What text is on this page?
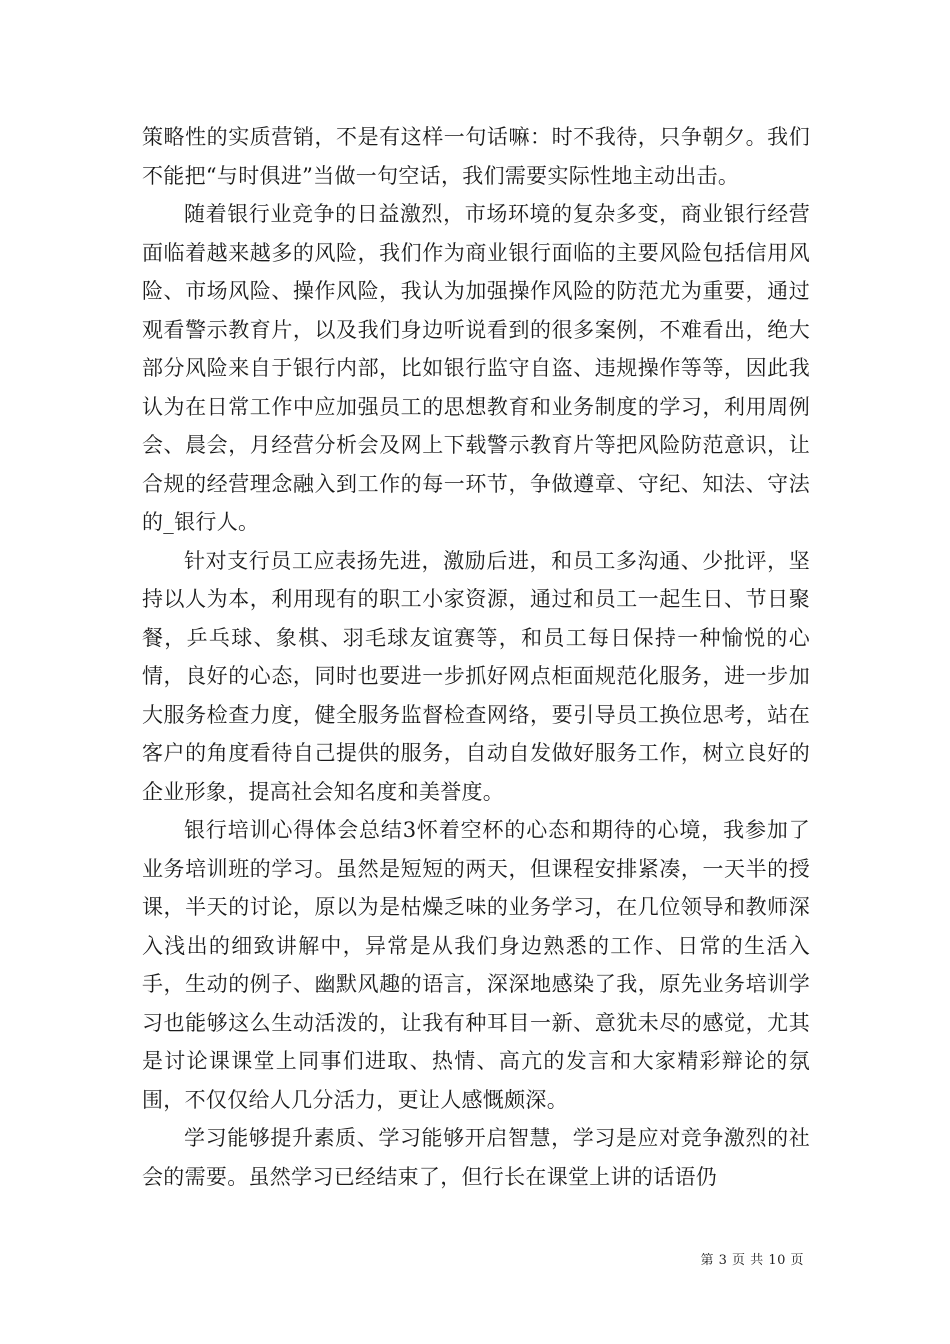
策略性的实质营销，不是有这样一句话嘛：时不我待，只争朝夕。我们不能把“与时俱进”当做一句空话，我们需要实际性地主动出击。

随着银行业竞争的日益激烈，市场环境的复杂多变，商业银行经营面临着越来越多的风险，我们作为商业银行面临的主要风险包括信用风险、市场风险、操作风险，我认为加强操作风险的防范尤为重要，通过观看警示教育片，以及我们身边听说看到的很多案例，不难看出，绝大部分风险来自于银行内部，比如银行监守自盗、违规操作等等，因此我认为在日常工作中应加强员工的思想教育和业务制度的学习，利用周例会、晨会，月经营分析会及网上下载警示教育片等把风险防范意识，让合规的经营理念融入到工作的每一环节，争做遵章、守纪、知法、守法的_银行人。

针对支行员工应表扬先进，激励后进，和员工多沟通、少批评，坚持以人为本，利用现有的职工小家资源，通过和员工一起生日、节日聚餐，乒乓球、象棋、羽毛球友谊赛等，和员工每日保持一种愉悦的心情，良好的心态，同时也要进一步抓好网点柜面规范化服务，进一步加大服务检查力度，健全服务监督检查网络，要引导员工换位思考，站在客户的角度看待自己提供的服务，自动自发做好服务工作，树立良好的企业形象，提高社会知名度和美誉度。

银行培训心得体会总结3怀着空杯的心态和期待的心境，我参加了业务培训班的学习。虽然是短短的两天，但课程安排紧凑，一天半的授课，半天的讨论，原以为是枯燥乏味的业务学习，在几位领导和教师深入浅出的细致讲解中，异常是从我们身边熟悉的工作、日常的生活入手，生动的例子、幽默风趣的语言，深深地感染了我，原先业务培训学习也能够这么生动活泼的，让我有种耳目一新、意犹未尽的感觉，尤其是讨论课课堂上同事们进取、热情、高亢的发言和大家精彩辩论的氛围，不仅仅给人几分活力，更让人感慨颇深。

学习能够提升素质、学习能够开启智慧，学习是应对竞争激烈的社会的需要。虽然学习已经结束了，但行长在课堂上讲的话语仍

第 3 页 共 10 页
